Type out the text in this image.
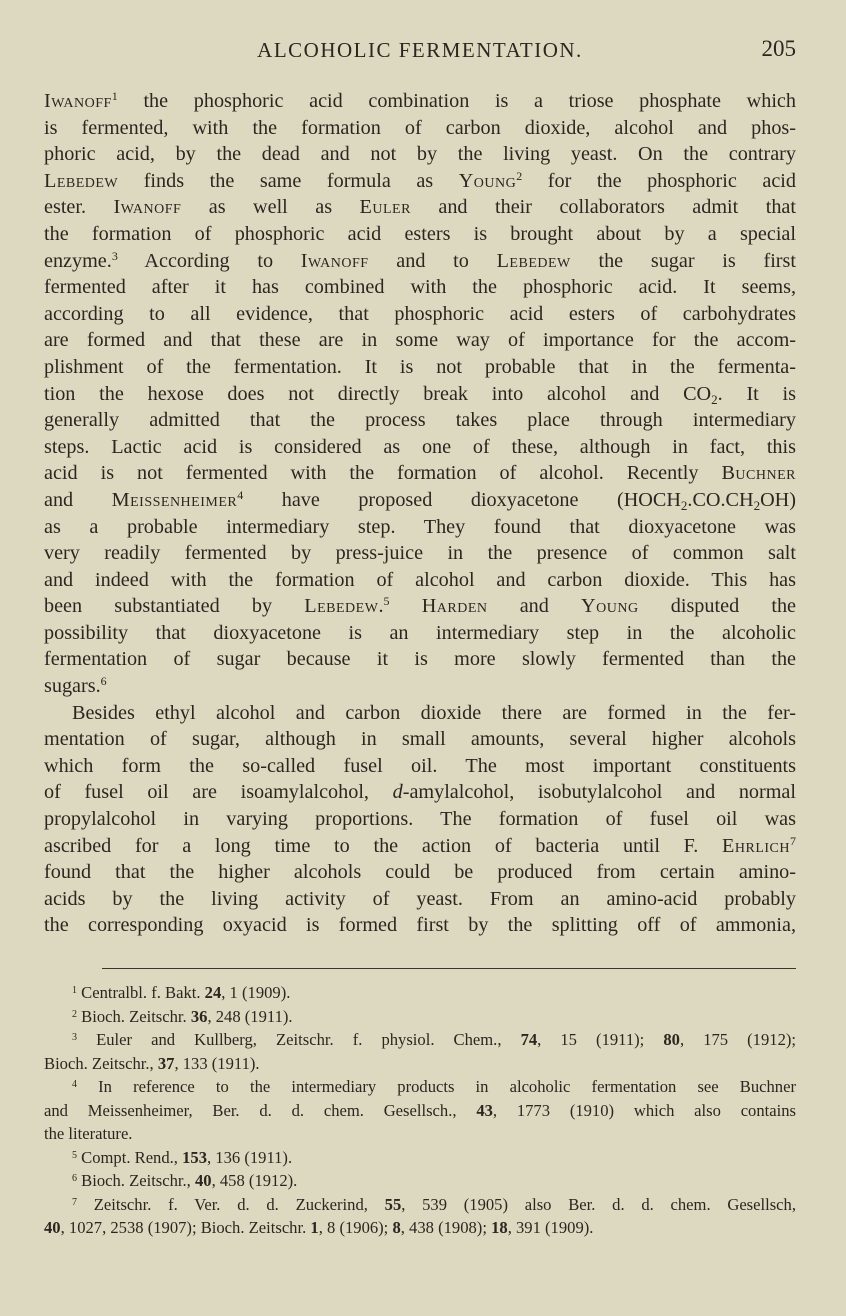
ALCOHOLIC FERMENTATION.	205
Iwanoff$^1$ the phosphoric acid combination is a triose phosphate which
is fermented, with the formation of carbon dioxide, alcohol and phos-
phoric acid, by the dead and not by the living yeast. On the contrary
Lebedew finds the same formula as Young$^2$ for the phosphoric acid
ester. Iwanoff as well as Euler and their collaborators admit that
the formation of phosphoric acid esters is brought about by a special
enzyme.$^3$ According to Iwanoff and to Lebedew the sugar is first
fermented after it has combined with the phosphoric acid. It seems,
according to all evidence, that phosphoric acid esters of carbohydrates
are formed and that these are in some way of importance for the accom-
plishment of the fermentation. It is not probable that in the fermenta-
tion the hexose does not directly break into alcohol and $CO_2$. It is
generally admitted that the process takes place through intermediary
steps. Lactic acid is considered as one of these, although in fact, this
acid is not fermented with the formation of alcohol. Recently Buchner
and Meissenheimer$^4$ have proposed dioxyacetone $(HOCH_2.CO.CH_2OH)$
as a probable intermediary step. They found that dioxyacetone was
very readily fermented by press-juice in the presence of common salt
and indeed with the formation of alcohol and carbon dioxide. This has
been substantiated by Lebedew.$^5$ Harden and Young disputed the
possibility that dioxyacetone is an intermediary step in the alcoholic
fermentation of sugar because it is more slowly fermented than the
sugars.$^6$
Besides ethyl alcohol and carbon dioxide there are formed in the fer-
mentation of sugar, although in small amounts, several higher alcohols
which form the so-called fusel oil. The most important constituents
of fusel oil are isoamylalcohol, d-amylalcohol, isobutylalcohol and normal
propylalcohol in varying proportions. The formation of fusel oil was
ascribed for a long time to the action of bacteria until F. Ehrlich$^7$
found that the higher alcohols could be produced from certain amino-
acids by the living activity of yeast. From an amino-acid probably
the corresponding oxyacid is formed first by the splitting off of ammonia,
$^1$ Centralbl. f. Bakt. 24, 1 (1909).
$^2$ Bioch. Zeitschr. 36, 248 (1911).
$^3$ Euler and Kullberg, Zeitschr. f. physiol. Chem., 74, 15 (1911); 80, 175 (1912);
Bioch. Zeitschr., 37, 133 (1911).
$^4$ In reference to the intermediary products in alcoholic fermentation see Buchner
and Meissenheimer, Ber. d. d. chem. Gesellsch., 43, 1773 (1910) which also contains
the literature.
$^5$ Compt. Rend., 153, 136 (1911).
$^6$ Bioch. Zeitschr., 40, 458 (1912).
$^7$ Zeitschr. f. Ver. d. d. Zuckerind, 55, 539 (1905) also Ber. d. d. chem. Gesellsch,
40, 1027, 2538 (1907); Bioch. Zeitschr. 1, 8 (1906); 8, 438 (1908); 18, 391 (1909).
